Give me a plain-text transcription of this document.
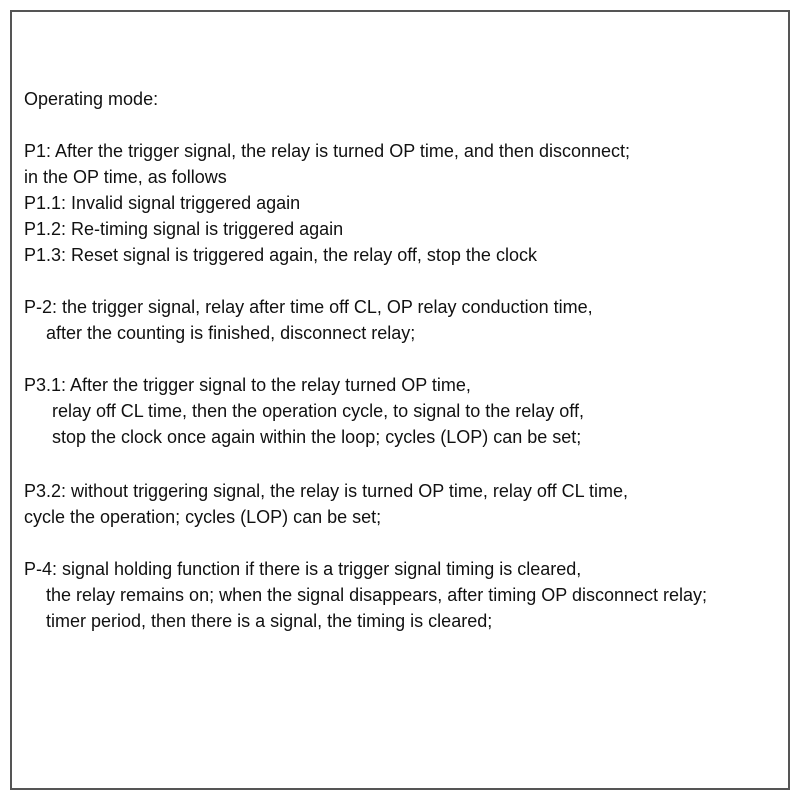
Operating mode:
P1: After the trigger signal, the relay is turned OP time, and then disconnect;
in the OP time, as follows
P1.1: Invalid signal triggered again
P1.2: Re-timing signal is triggered again
P1.3: Reset signal is triggered again, the relay off, stop the clock
P-2: the trigger signal, relay after time off CL, OP relay conduction time,
after the counting is finished, disconnect relay;
P3.1: After the trigger signal to the relay turned OP time,
relay off CL time, then the operation cycle, to signal to the relay off,
stop the clock once again within the loop; cycles (LOP) can be set;
P3.2: without triggering signal, the relay is turned OP time, relay off CL time,
cycle the operation; cycles (LOP) can be set;
P-4: signal holding function if there is a trigger signal timing is cleared,
the relay remains on; when the signal disappears, after timing OP disconnect relay;
timer period, then there is a signal, the timing is cleared;
